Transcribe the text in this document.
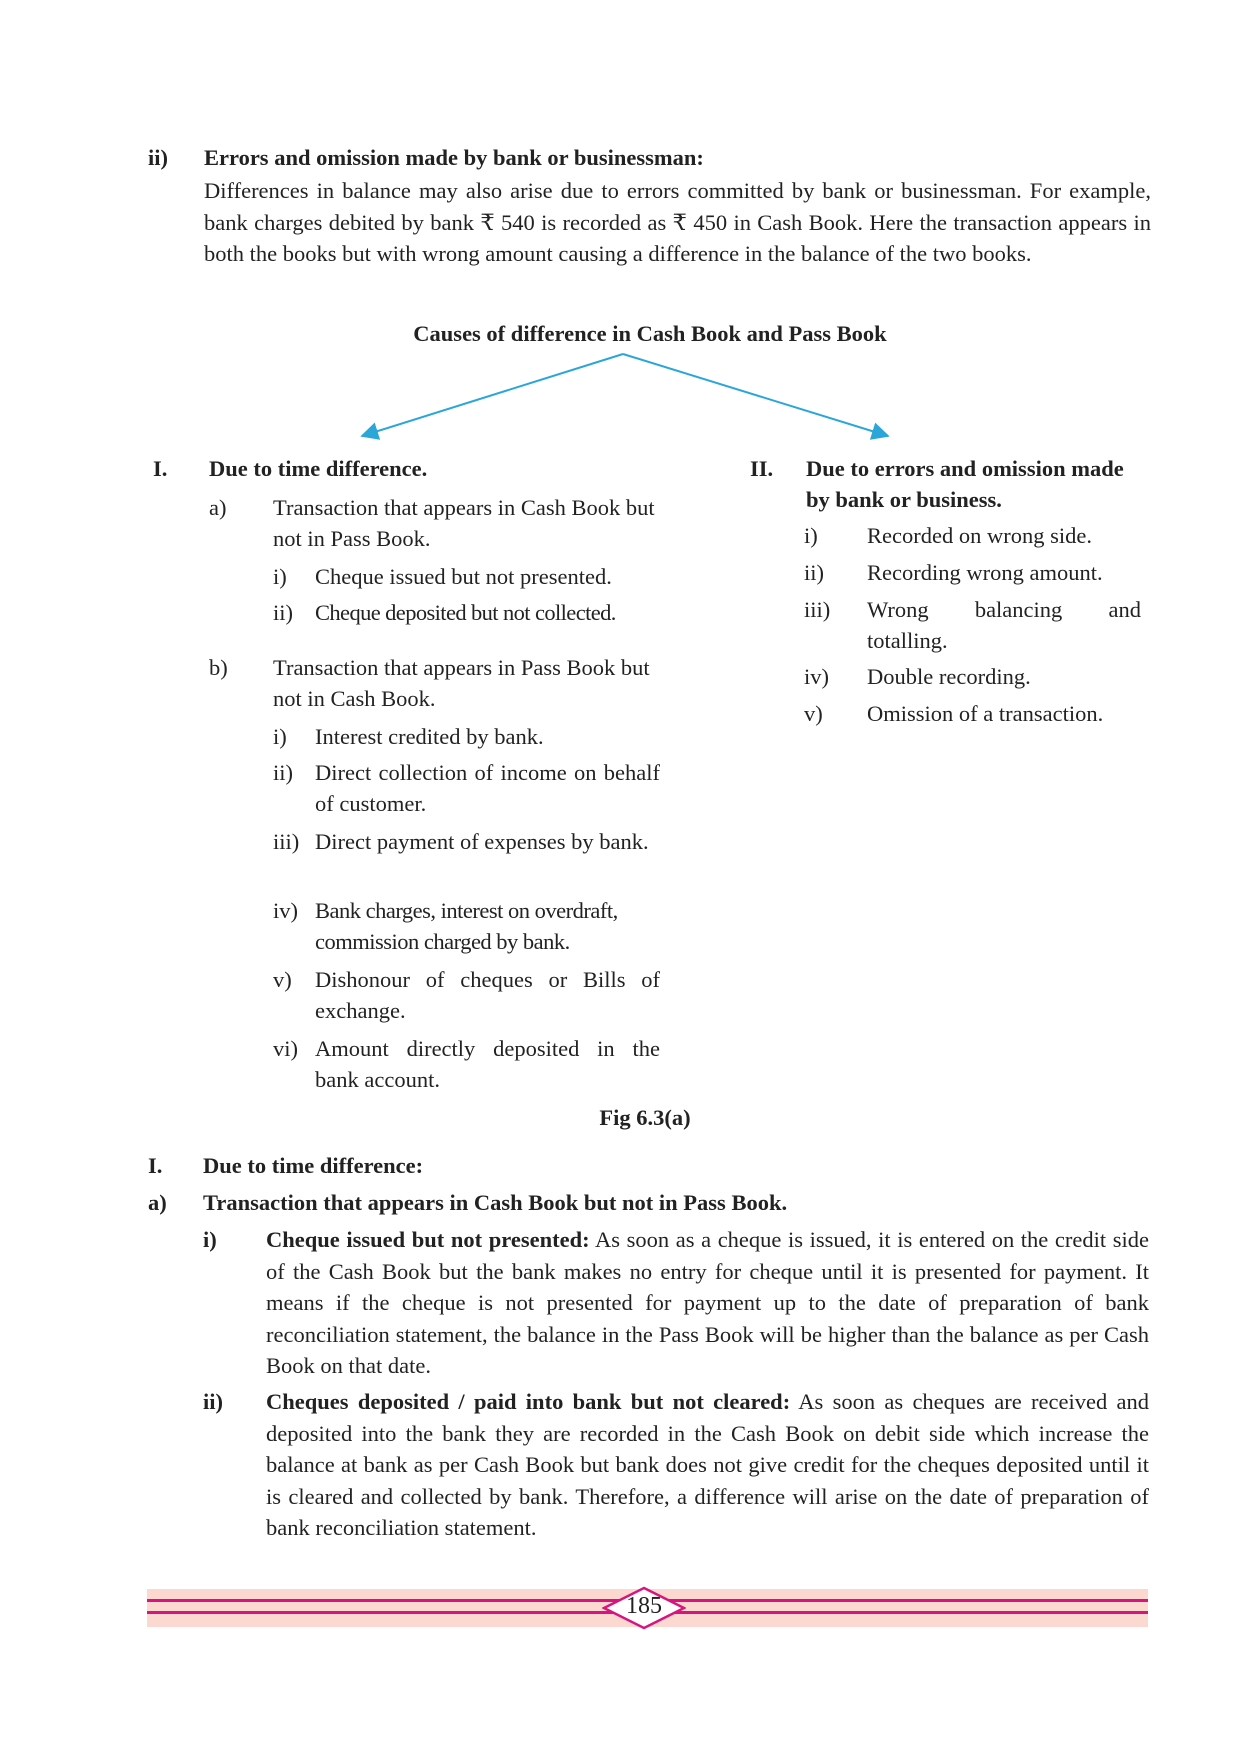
ii) Errors and omission made by bank or businessman:
Differences in balance may also arise due to errors committed by bank or businessman. For example, bank charges debited by bank ₹ 540 is recorded as ₹ 450 in Cash Book. Here the transaction appears in both the books but with wrong amount causing a difference in the balance of the two books.
Causes of difference in Cash Book and Pass Book
I. Due to time difference.
a) Transaction that appears in Cash Book but not in Pass Book.
i) Cheque issued but not presented.
ii) Cheque deposited but not collected.
b) Transaction that appears in Pass Book but not in Cash Book.
i) Interest credited by bank.
ii) Direct collection of income on behalf of customer.
iii) Direct payment of expenses by bank.
iv) Bank charges, interest on overdraft, commission charged by bank.
v) Dishonour of cheques or Bills of exchange.
vi) Amount directly deposited in the bank account.
II. Due to errors and omission made by bank or business.
i) Recorded on wrong side.
ii) Recording wrong amount.
iii) Wrong balancing and totalling.
iv) Double recording.
v) Omission of a transaction.
Fig 6.3(a)
I. Due to time difference:
a) Transaction that appears in Cash Book but not in Pass Book.
i) Cheque issued but not presented: As soon as a cheque is issued, it is entered on the credit side of the Cash Book but the bank makes no entry for cheque until it is presented for payment. It means if the cheque is not presented for payment up to the date of preparation of bank reconciliation statement, the balance in the Pass Book will be higher than the balance as per Cash Book on that date.
ii) Cheques deposited / paid into bank but not cleared: As soon as cheques are received and deposited into the bank they are recorded in the Cash Book on debit side which increase the balance at bank as per Cash Book but bank does not give credit for the cheques deposited until it is cleared and collected by bank. Therefore, a difference will arise on the date of preparation of bank reconciliation statement.
185
